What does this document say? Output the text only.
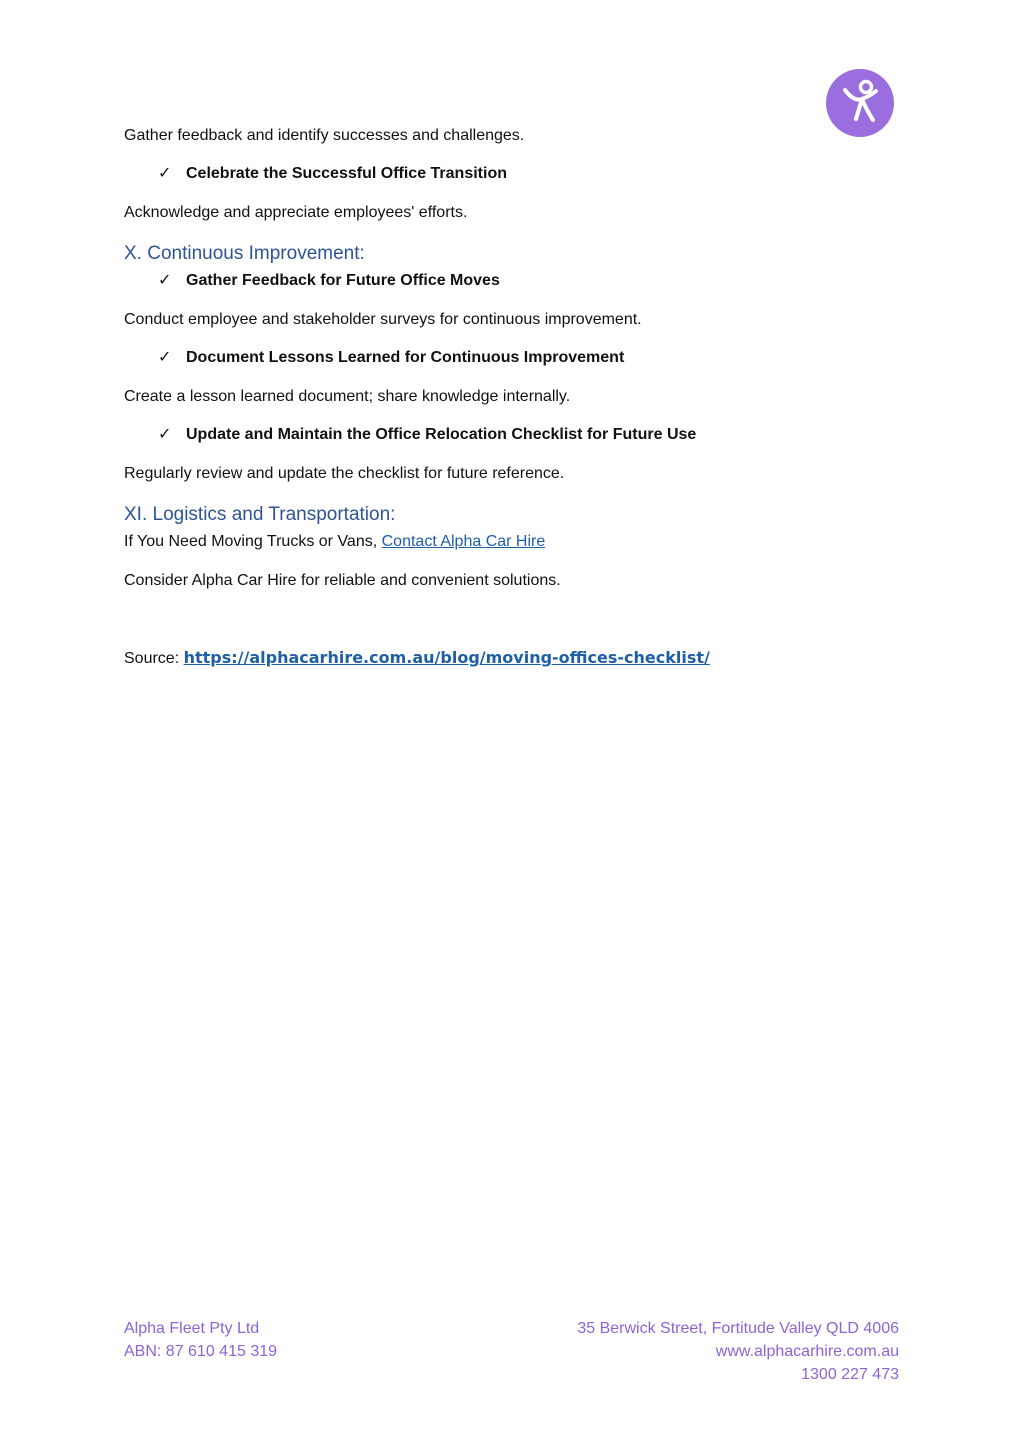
Gather feedback and identify successes and challenges.
✓ Celebrate the Successful Office Transition
Acknowledge and appreciate employees' efforts.
X. Continuous Improvement:
✓ Gather Feedback for Future Office Moves
Conduct employee and stakeholder surveys for continuous improvement.
✓ Document Lessons Learned for Continuous Improvement
Create a lesson learned document; share knowledge internally.
✓ Update and Maintain the Office Relocation Checklist for Future Use
Regularly review and update the checklist for future reference.
XI. Logistics and Transportation:
If You Need Moving Trucks or Vans, Contact Alpha Car Hire
Consider Alpha Car Hire for reliable and convenient solutions.
Source: https://alphacarhire.com.au/blog/moving-offices-checklist/
Alpha Fleet Pty Ltd
ABN: 87 610 415 319
35 Berwick Street, Fortitude Valley QLD 4006
www.alphacarhire.com.au
1300 227 473
